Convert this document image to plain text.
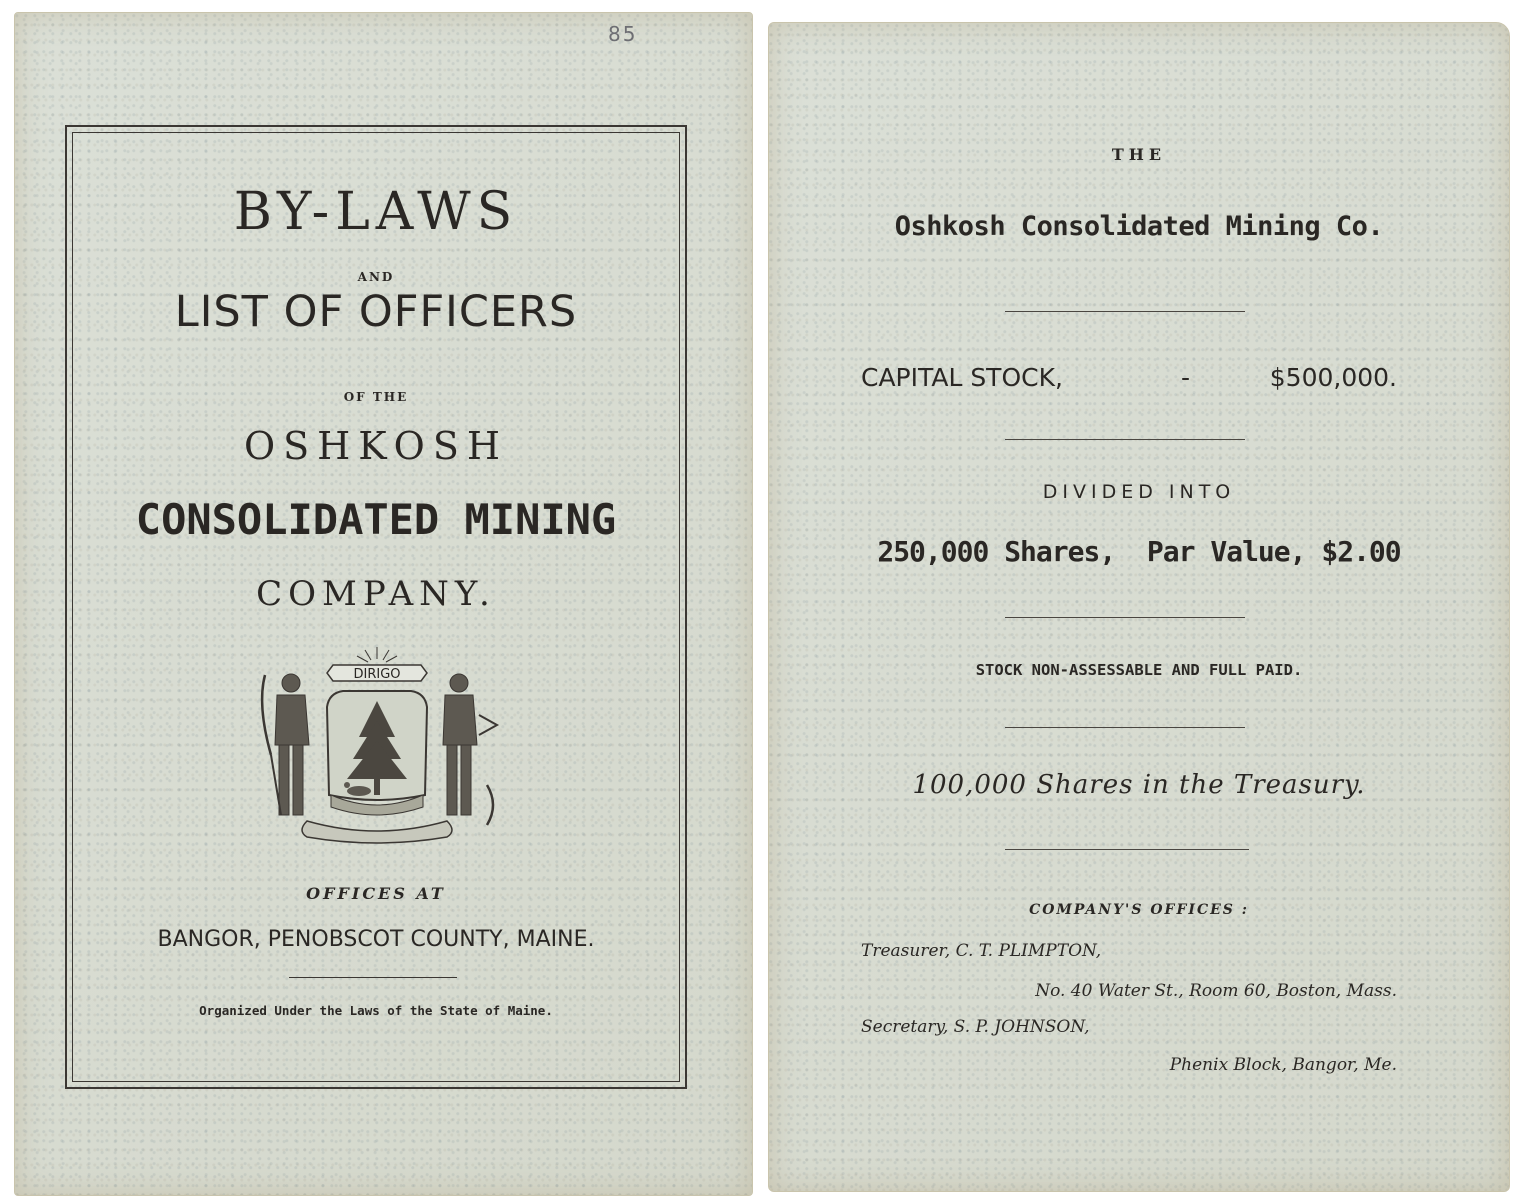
85

BY-LAWS

AND

LIST OF OFFICERS

OF THE

OSHKOSH

CONSOLIDATED MINING

COMPANY.

DIRIGO

OFFICES AT

BANGOR, PENOBSCOT COUNTY, MAINE.

Organized Under the Laws of the State of Maine.

THE

Oshkosh Consolidated Mining Co.

CAPITAL STOCK,	-	$500,000.

DIVIDED INTO

250,000 Shares,  Par Value, $2.00

STOCK NON-ASSESSABLE AND FULL PAID.

100,000 Shares in the Treasury.

COMPANY'S OFFICES :

Treasurer, C. T. PLIMPTON,
No. 40 Water St., Room 60, Boston, Mass.
Secretary, S. P. JOHNSON,
Phenix Block, Bangor, Me.
